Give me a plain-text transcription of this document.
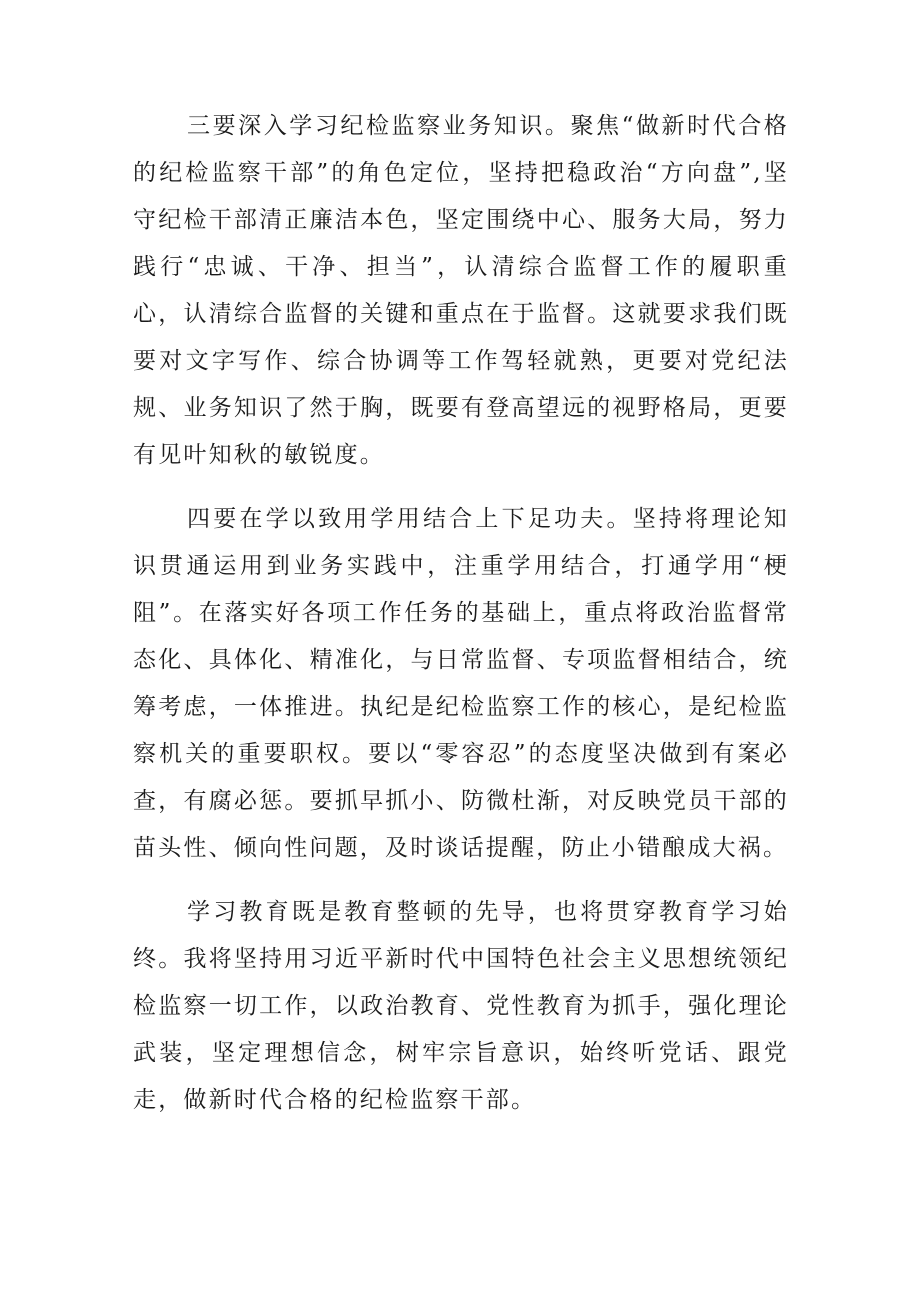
三要深入学习纪检监察业务知识。聚焦“做新时代合格的纪检监察干部”的角色定位，坚持把稳政治“方向盘”,坚守纪检干部清正廉洁本色，坚定围绕中心、服务大局，努力践行“忠诚、干净、担当”，认清综合监督工作的履职重心，认清综合监督的关键和重点在于监督。这就要求我们既要对文字写作、综合协调等工作驾轻就熟，更要对党纪法规、业务知识了然于胸，既要有登高望远的视野格局，更要有见叶知秋的敏锐度。

四要在学以致用学用结合上下足功夫。坚持将理论知识贯通运用到业务实践中，注重学用结合，打通学用“梗阻”。在落实好各项工作任务的基础上，重点将政治监督常态化、具体化、精准化，与日常监督、专项监督相结合，统筹考虑，一体推进。执纪是纪检监察工作的核心，是纪检监察机关的重要职权。要以“零容忍”的态度坚决做到有案必查，有腐必惩。要抓早抓小、防微杜渐，对反映党员干部的苗头性、倾向性问题，及时谈话提醒，防止小错酿成大祸。

学习教育既是教育整顿的先导，也将贯穿教育学习始终。我将坚持用习近平新时代中国特色社会主义思想统领纪检监察一切工作，以政治教育、党性教育为抓手，强化理论武装，坚定理想信念，树牢宗旨意识，始终听党话、跟党走，做新时代合格的纪检监察干部。
